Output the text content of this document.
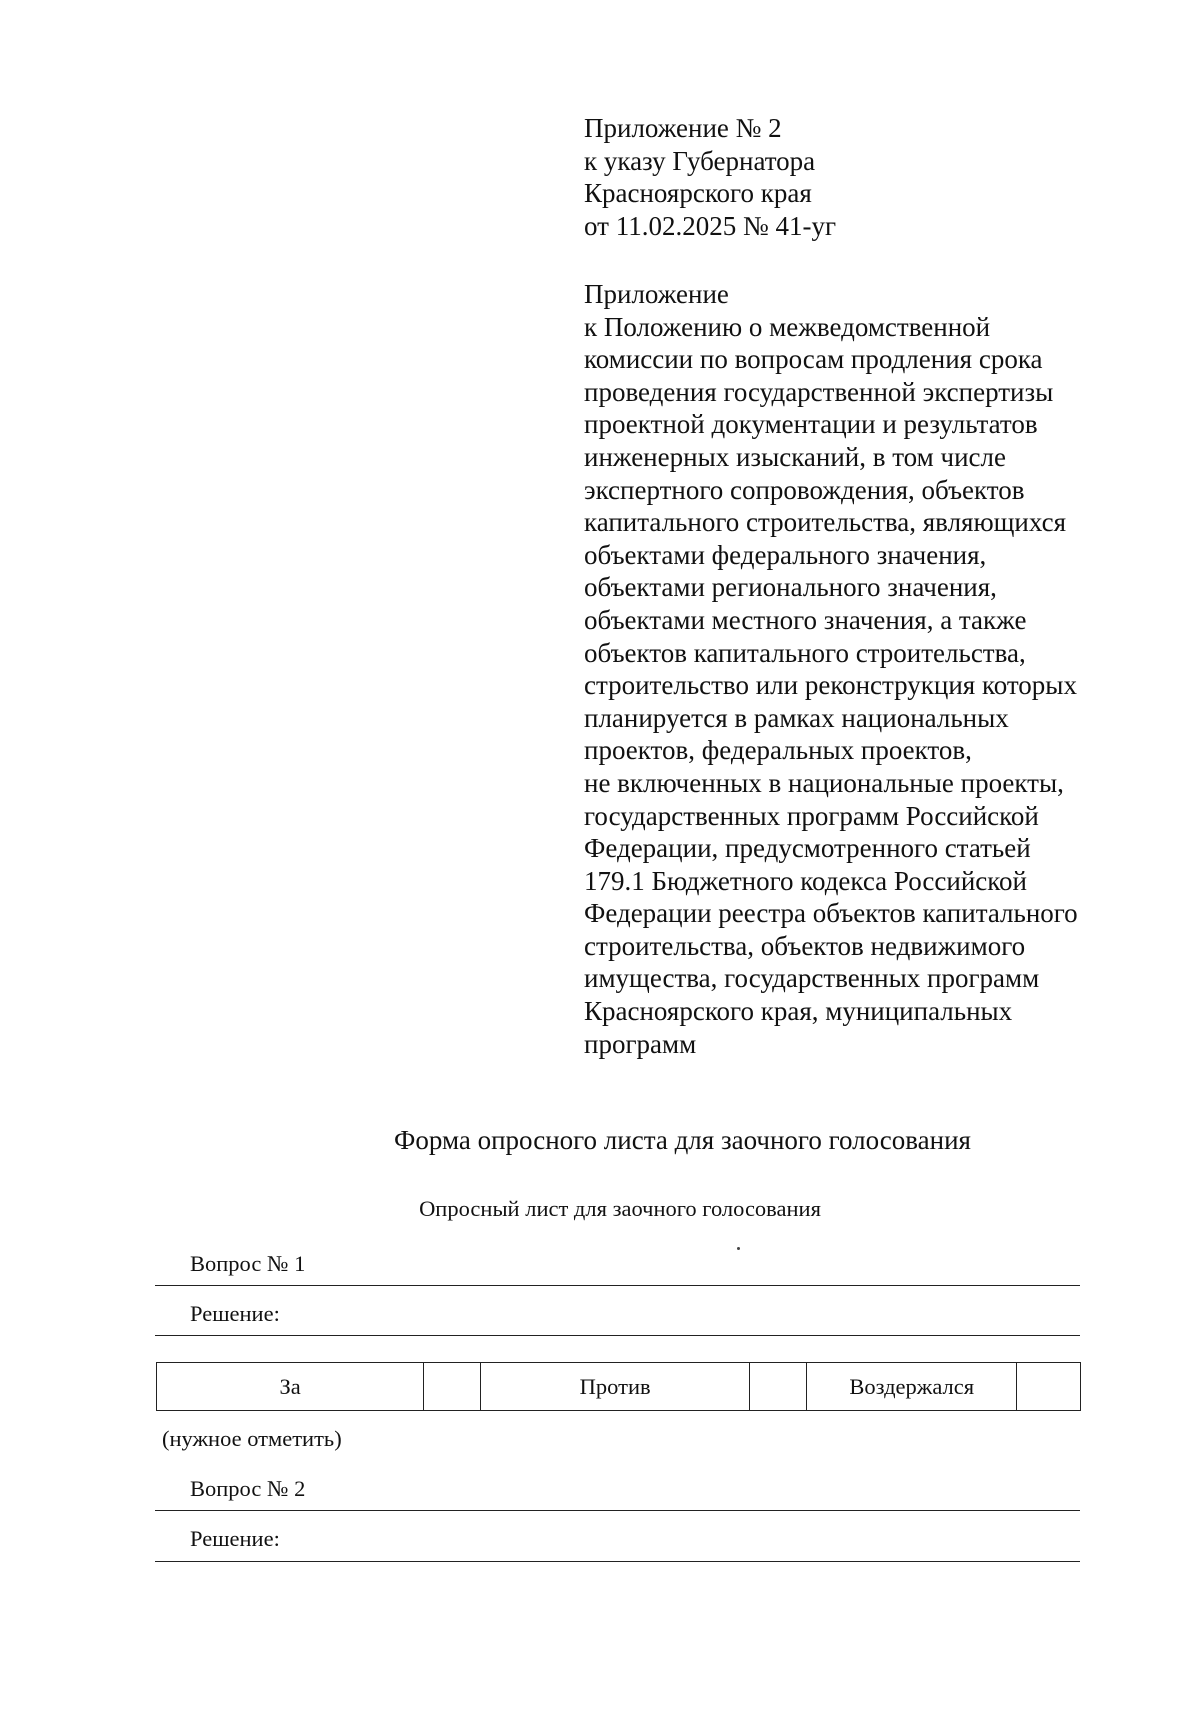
Приложение № 2
к указу Губернатора
Красноярского края
от 11.02.2025 № 41-уг
Приложение
к Положению о межведомственной
комиссии по вопросам продления срока
проведения государственной экспертизы
проектной документации и результатов
инженерных изысканий, в том числе
экспертного сопровождения, объектов
капитального строительства, являющихся
объектами федерального значения,
объектами регионального значения,
объектами местного значения, а также
объектов капитального строительства,
строительство или реконструкция которых
планируется в рамках национальных
проектов, федеральных проектов,
не включенных в национальные проекты,
государственных программ Российской
Федерации, предусмотренного статьей
179.1 Бюджетного кодекса Российской
Федерации реестра объектов капитального
строительства, объектов недвижимого
имущества, государственных программ
Красноярского края, муниципальных
программ
Форма опросного листа для заочного голосования
Опросный лист для заочного голосования
Вопрос № 1
Решение:
За		Против		Воздержался	
(нужное отметить)
Вопрос № 2
Решение:
